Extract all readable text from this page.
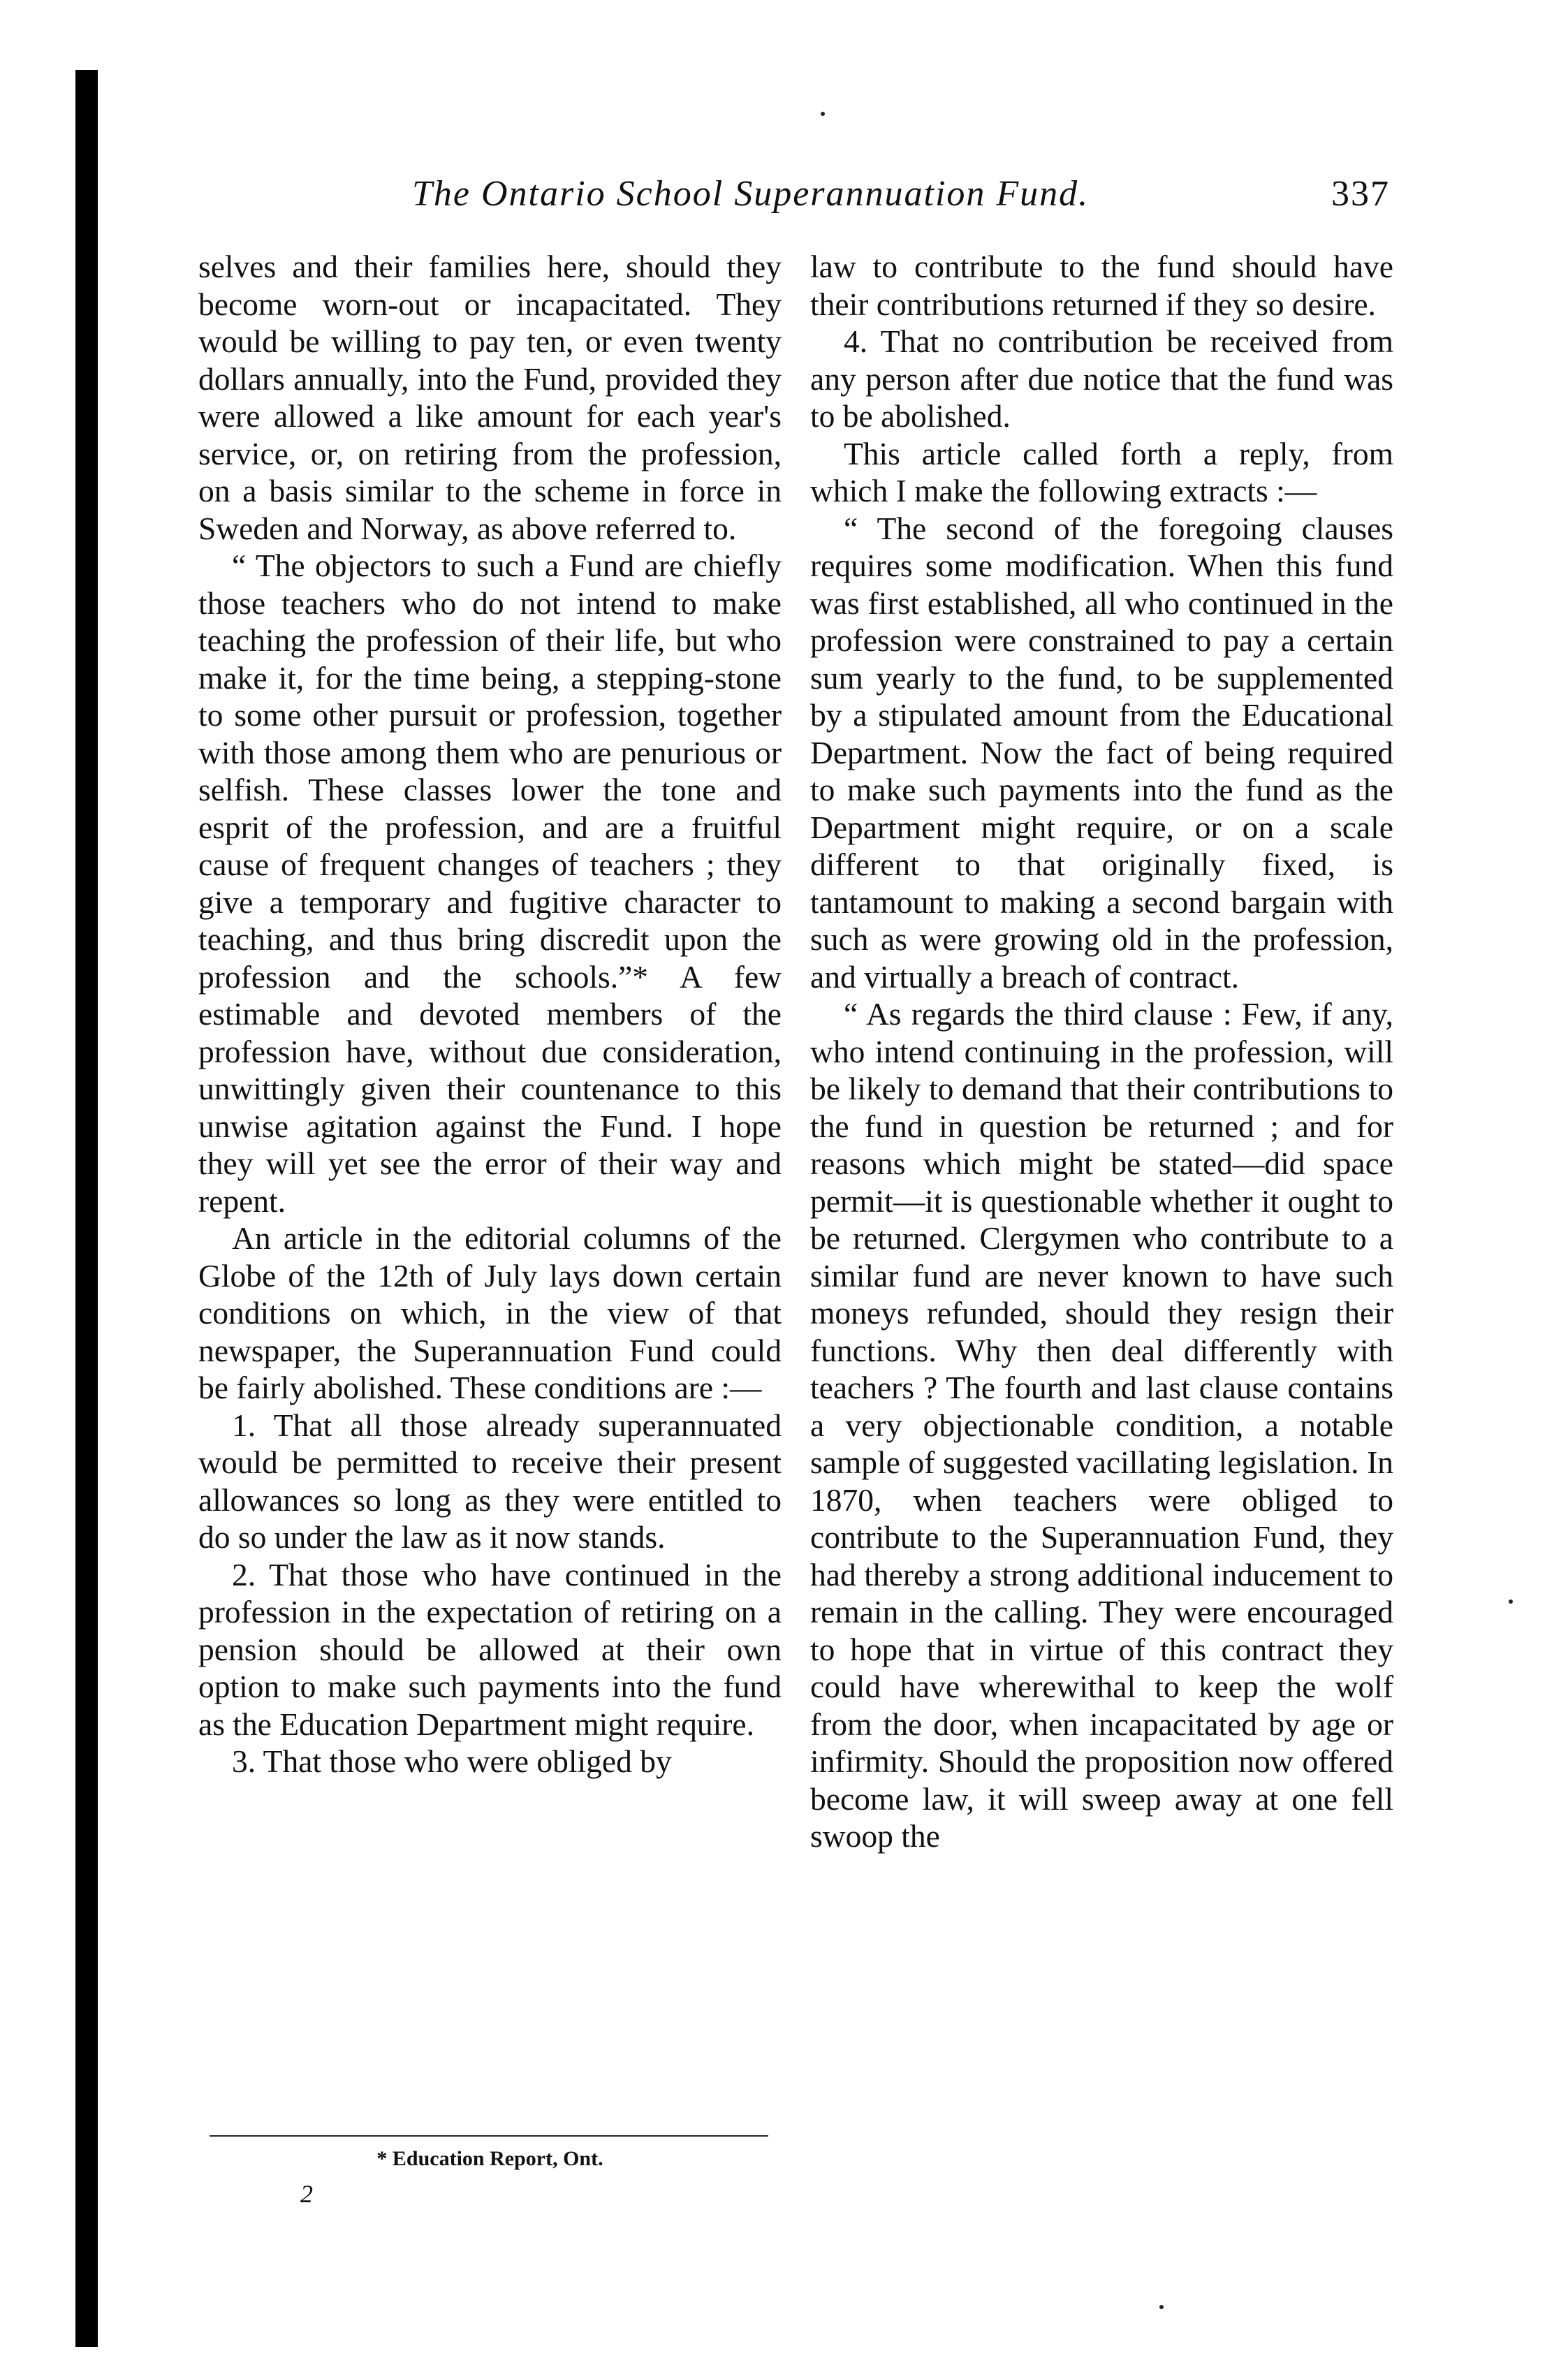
The Ontario School Superannuation Fund.	337

selves and their families here, should they become worn-out or incapacitated. They would be willing to pay ten, or even twenty dollars annually, into the Fund, provided they were allowed a like amount for each year's service, or, on retiring from the profession, on a basis similar to the scheme in force in Sweden and Norway, as above referred to.

“ The objectors to such a Fund are chiefly those teachers who do not intend to make teaching the profession of their life, but who make it, for the time being, a stepping-stone to some other pursuit or profession, together with those among them who are penurious or selfish. These classes lower the tone and esprit of the profession, and are a fruitful cause of frequent changes of teachers ; they give a temporary and fugitive character to teaching, and thus bring discredit upon the profession and the schools.”* A few estimable and devoted members of the profession have, without due consideration, unwittingly given their countenance to this unwise agitation against the Fund. I hope they will yet see the error of their way and repent.

An article in the editorial columns of the Globe of the 12th of July lays down certain conditions on which, in the view of that newspaper, the Superannuation Fund could be fairly abolished. These conditions are :—

1. That all those already superannuated would be permitted to receive their present allowances so long as they were entitled to do so under the law as it now stands.

2. That those who have continued in the profession in the expectation of retiring on a pension should be allowed at their own option to make such payments into the fund as the Education Department might require.

3. That those who were obliged by

law to contribute to the fund should have their contributions returned if they so desire.

4. That no contribution be received from any person after due notice that the fund was to be abolished.

This article called forth a reply, from which I make the following extracts :—

“ The second of the foregoing clauses requires some modification. When this fund was first established, all who continued in the profession were constrained to pay a certain sum yearly to the fund, to be supplemented by a stipulated amount from the Educational Department. Now the fact of being required to make such payments into the fund as the Department might require, or on a scale different to that originally fixed, is tantamount to making a second bargain with such as were growing old in the profession, and virtually a breach of contract.

“ As regards the third clause : Few, if any, who intend continuing in the profession, will be likely to demand that their contributions to the fund in question be returned ; and for reasons which might be stated—did space permit—it is questionable whether it ought to be returned. Clergymen who contribute to a similar fund are never known to have such moneys refunded, should they resign their functions. Why then deal differently with teachers ? The fourth and last clause contains a very objectionable condition, a notable sample of suggested vacillating legislation. In 1870, when teachers were obliged to contribute to the Superannuation Fund, they had thereby a strong additional inducement to remain in the calling. They were encouraged to hope that in virtue of this contract they could have wherewithal to keep the wolf from the door, when incapacitated by age or infirmity. Should the proposition now offered become law, it will sweep away at one fell swoop the

* Education Report, Ont.
2
